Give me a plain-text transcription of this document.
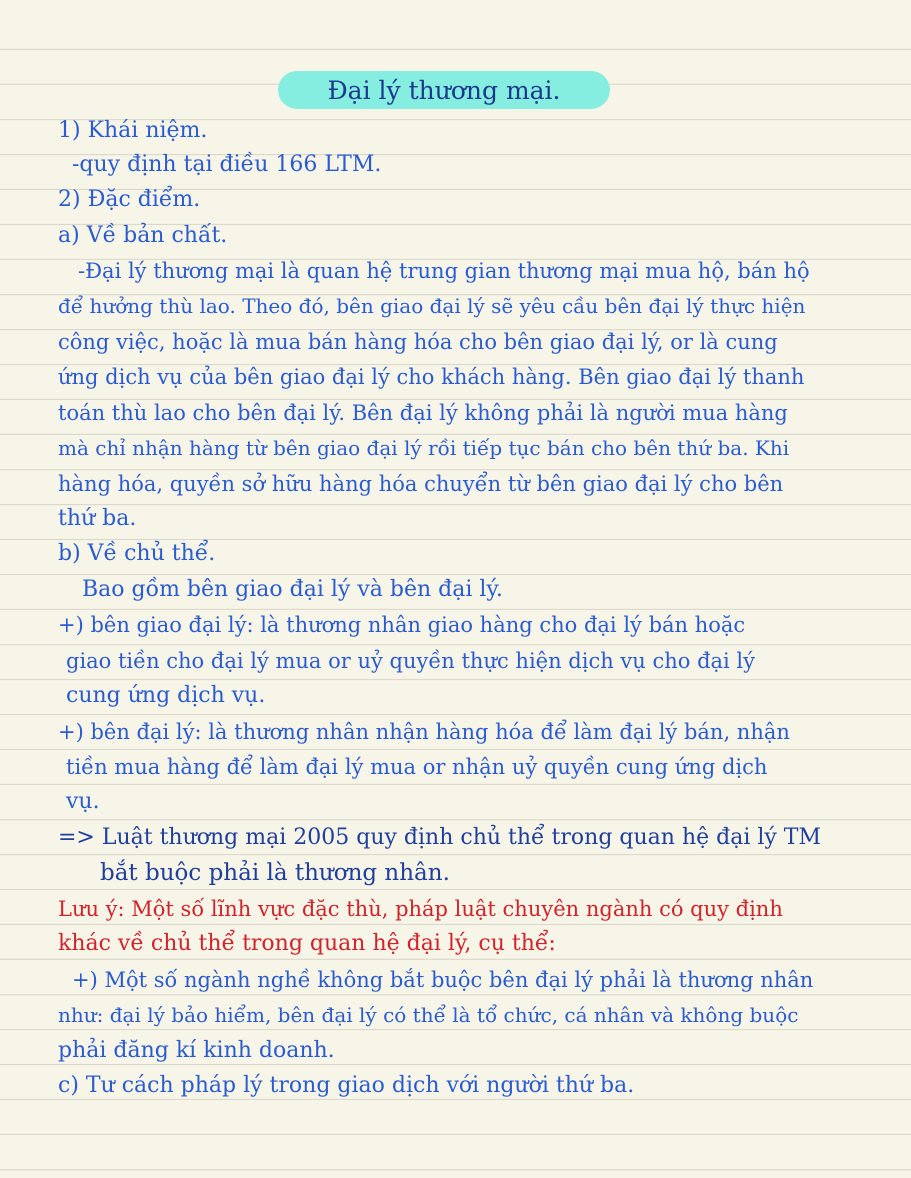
Đại lý thương mại.
1) Khái niệm.
-quy định tại điều 166 LTM.
2) Đặc điểm.
a) Về bản chất.
-Đại lý thương mại là quan hệ trung gian thương mại mua hộ, bán hộ
để hưởng thù lao. Theo đó, bên giao đại lý sẽ yêu cầu bên đại lý thực hiện
công việc, hoặc là mua bán hàng hóa cho bên giao đại lý, or là cung
ứng dịch vụ của bên giao đại lý cho khách hàng. Bên giao đại lý thanh
toán thù lao cho bên đại lý. Bên đại lý không phải là người mua hàng
mà chỉ nhận hàng từ bên giao đại lý rồi tiếp tục bán cho bên thứ ba. Khi
hàng hóa, quyền sở hữu hàng hóa chuyển từ bên giao đại lý cho bên
thứ ba.
b) Về chủ thể.
Bao gồm bên giao đại lý và bên đại lý.
+) bên giao đại lý: là thương nhân giao hàng cho đại lý bán hoặc
giao tiền cho đại lý mua or uỷ quyền thực hiện dịch vụ cho đại lý
cung ứng dịch vụ.
+) bên đại lý: là thương nhân nhận hàng hóa để làm đại lý bán, nhận
tiền mua hàng để làm đại lý mua or nhận uỷ quyền cung ứng dịch
vụ.
=> Luật thương mại 2005 quy định chủ thể trong quan hệ đại lý TM
bắt buộc phải là thương nhân.
Lưu ý: Một số lĩnh vực đặc thù, pháp luật chuyên ngành có quy định
khác về chủ thể trong quan hệ đại lý, cụ thể:
+) Một số ngành nghề không bắt buộc bên đại lý phải là thương nhân
như: đại lý bảo hiểm, bên đại lý có thể là tổ chức, cá nhân và không buộc
phải đăng kí kinh doanh.
c) Tư cách pháp lý trong giao dịch với người thứ ba.
